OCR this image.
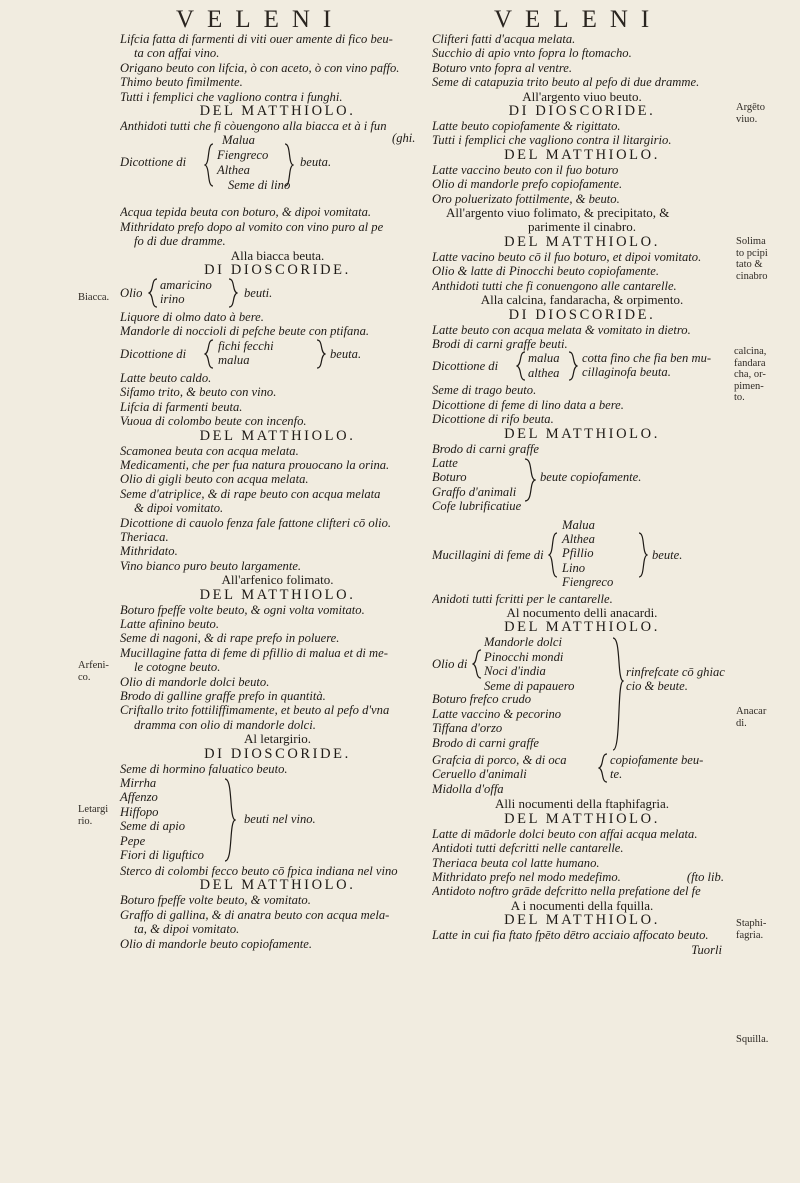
VELENI	VELENI
Biacca.
Arfeni-
co.
Letargi
rio.
Argēto
viuo.
Solima
to pcipi
tato &
cinabro
calcina,
fandara
cha, or-
pimen-
to.
Anacar
di.
Staphi-
fagria.
Squilla.
Lifcia fatta di farmenti di viti ouer amente di fico beu-
ta con affai vino.
Origano beuto con lifcia, ò con aceto, ò con vino paffo.
Thimo beuto fimilmente.
Tutti i femplici che vagliono contra i funghi.
DEL MATTHIOLO.
Anthidoti tutti che fi còuengono alla biacca et à i fun
Malua	(ghi.
Dicottione di Fiengreco
Althea
beuta.
Seme di lino
Acqua tepida beuta con boturo, & dipoi vomitata.
Mithridato prefo dopo al vomito con vino puro al pe
fo di due dramme.
Alla biacca beuta.
DI DIOSCORIDE.
Olio
amaricino
irino	beuti.
Liquore di olmo dato à bere.
Mandorle di noccioli di pefche beute con ptifana.
Dicottione di
fichi fecchi
malua	beuta.
Latte beuto caldo.
Sifamo trito, & beuto con vino.
Lifcia di farmenti beuta.
Vuoua di colombo beute con incenfo.
DEL MATTHIOLO.
Scamonea beuta con acqua melata.
Medicamenti, che per fua natura prouocano la orina.
Olio di gigli beuto con acqua melata.
Seme d'atriplice, & di rape beuto con acqua melata
& dipoi vomitato.
Dicottione di cauolo fenza fale fattone clifteri cō olio.
Theriaca.
Mithridato.
Vino bianco puro beuto largamente.
All'arfenico folimato.
DEL MATTHIOLO.
Boturo fpeffe volte beuto, & ogni volta vomitato.
Latte afinino beuto.
Seme di nagoni, & di rape prefo in poluere.
Mucillagine fatta di feme di pfillio di malua et di me-
le cotogne beuto.
Olio di mandorle dolci beuto.
Brodo di galline graffe prefo in quantità.
Criftallo trito fottiliffimamente, et beuto al pefo d'vna
dramma con olio di mandorle dolci.
Al letargirio.
DI DIOSCORIDE.
Seme di hormino faluatico beuto.
Mirrha
Affenzo
Hiffopo
Seme di apio
Pepe
Fiori di liguftico
beuti nel vino.
Sterco di colombi fecco beuto cō fpica indiana nel vino
DEL MATTHIOLO.
Boturo fpeffe volte beuto, & vomitato.
Graffo di gallina, & di anatra beuto con acqua mela-
ta, & dipoi vomitato.
Olio di mandorle beuto copiofamente.
Clifteri fatti d'acqua melata.
Succhio di apio vnto fopra lo ftomacho.
Boturo vnto fopra al ventre.
Seme di catapuzia trito beuto al pefo di due dramme.
All'argento viuo beuto.
DI DIOSCORIDE.
Latte beuto copiofamente & rigittato.
Tutti i femplici che vagliono contra il litargirio.
DEL MATTHIOLO.
Latte vaccino beuto con il fuo boturo
Olio di mandorle prefo copiofamente.
Oro poluerizato fottilmente, & beuto.
All'argento viuo folimato, & precipitato, &
parimente il cinabro.
DEL MATTHIOLO.
Latte vacino beuto cō il fuo boturo, et dipoi vomitato.
Olio & latte di Pinocchi beuto copiofamente.
Anthidoti tutti che fi conuengono alle cantarelle.
Alla calcina, fandaracha, & orpimento.
DI DIOSCORIDE.
Latte beuto con acqua melata & vomitato in dietro.
Brodi di carni graffe beuti.
Dicottione di
malua
althea
cotta fino che fia ben mu-
cillaginofa beuta.
Seme di trago beuto.
Dicottione di feme di lino data a bere.
Dicottione di rifo beuta.
DEL MATTHIOLO.
Brodo di carni graffe
Latte
Boturo
Graffo d'animali
Cofe lubrificatiue
beute copiofamente.
Mucillagini di feme di
Malua
Althea
Pfillio
Lino
Fiengreco
beute.
Anidoti tutti fcritti per le cantarelle.
Al nocumento delli anacardi.
DEL MATTHIOLO.
Olio di
Mandorle dolci
Pinocchi mondi
Noci d'india
Seme di papauero
Boturo frefco crudo
Latte vaccino & pecorino
Tiffana d'orzo
Brodo di carni graffe
rinfrefcate cō ghiac
cio & beute.
Grafcia di porco, & di oca
Ceruello d'animali
Midolla d'offa
copiofamente beu-
te.
Alli nocumenti della ftaphifagria.
DEL MATTHIOLO.
Latte di mādorle dolci beuto con affai acqua melata.
Antidoti tutti defcritti nelle cantarelle.
Theriaca beuta col latte humano.
Mithridato prefo nel modo medefimo.	(fto lib.
Antidoto noftro grāde defcritto nella prefatione del fe
A i nocumenti della fquilla.
DEL MATTHIOLO.
Latte in cui fia ftato fpēto dētro acciaio affocato beuto.
Tuorli
